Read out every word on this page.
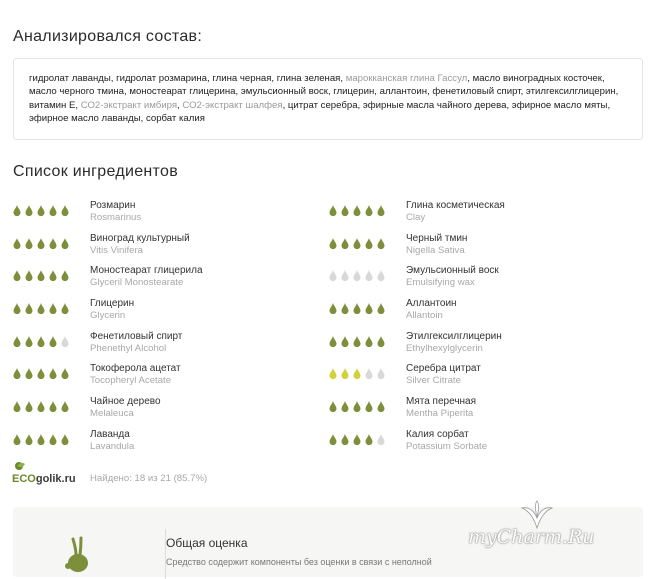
Анализировался состав:
гидролат лаванды, гидролат розмарина, глина черная, глина зеленая, марокканская глина Гассул, масло виноградных косточек, масло черного тмина, моностеарат глицерина, эмульсионный воск, глицерин, аллантоин, фенетиловый спирт, этилгексилглицерин, витамин Е, СО2-экстракт имбиря, СО2-экстракт шалфея, цитрат серебра, эфирные масла чайного дерева, эфирное масло мяты, эфирное масло лаванды, сорбат калия
Список ингредиентов
Розмарин
Rosmarinus
Виноград культурный
Vitis Vinifera
Моностеарат глицерила
Glyceril Monostearate
Глицерин
Glycerin
Фенетиловый спирт
Phenethyl Alcohol
Токоферола ацетат
Tocopheryl Acetate
Чайное дерево
Melaleuca
Лаванда
Lavandula
Глина косметическая
Clay
Черный тмин
Nigella Sativa
Эмульсионный воск
Emulsifying wax
Аллантоин
Allantoin
Этилгексилглицерин
Ethylhexylglycerin
Серебра цитрат
Silver Citrate
Мята перечная
Mentha Piperita
Калия сорбат
Potassium Sorbate
ECOgolik.ru Найдено: 18 из 21 (85.7%)
Общая оценка
Средство содержит компоненты без оценки в связи с неполной
myCharm.Ru
